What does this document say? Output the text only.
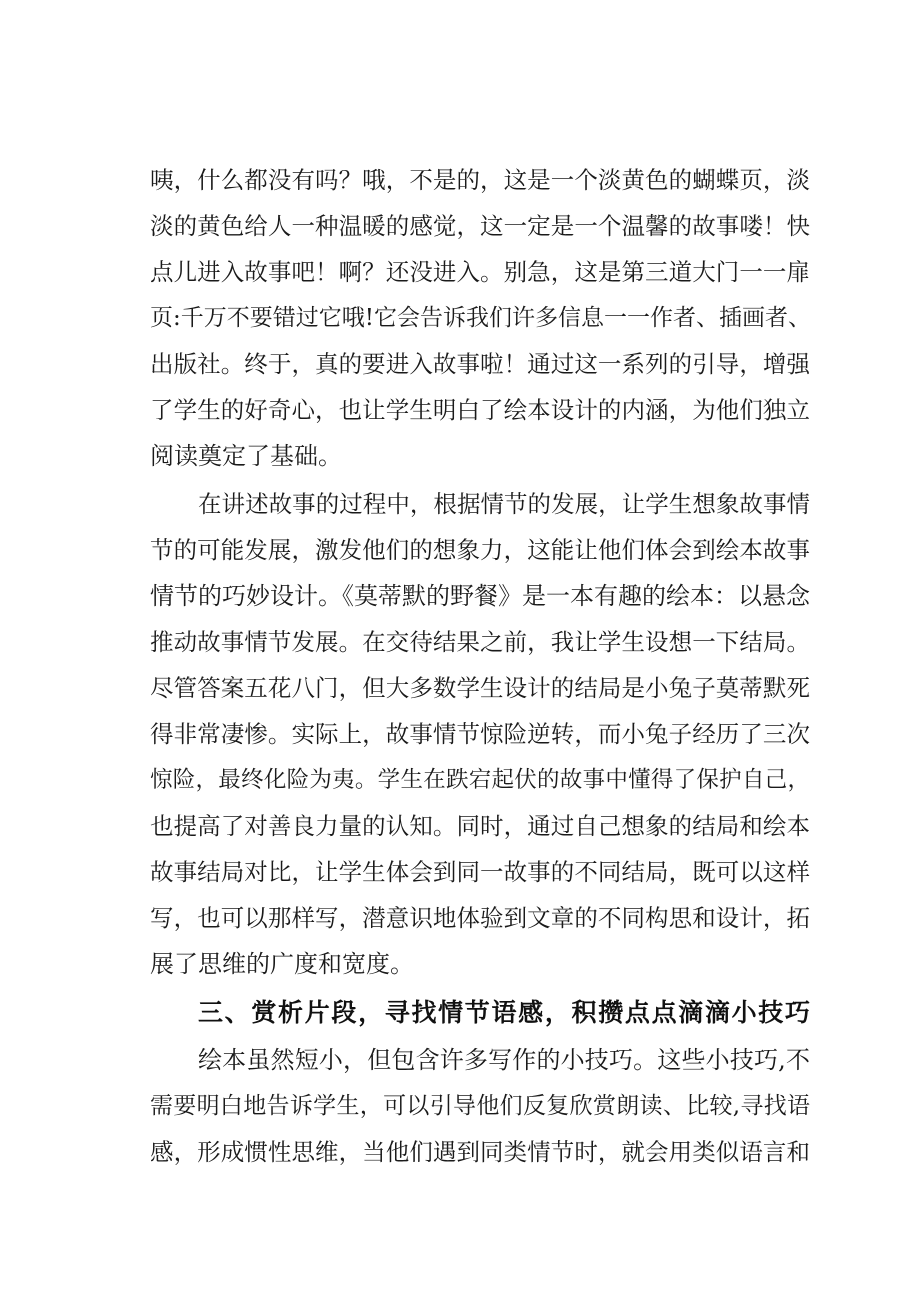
咦，什么都没有吗？哦，不是的，这是一个淡黄色的蝴蝶页，淡
淡的黄色给人一种温暖的感觉，这一定是一个温馨的故事喽！快
点儿进入故事吧！啊？还没进入。别急，这是第三道大门一一扉
页:千万不要错过它哦!它会告诉我们许多信息一一作者、插画者、
出版社。终于，真的要进入故事啦！通过这一系列的引导，增强
了学生的好奇心，也让学生明白了绘本设计的内涵，为他们独立
阅读奠定了基础。
在讲述故事的过程中，根据情节的发展，让学生想象故事情
节的可能发展，激发他们的想象力，这能让他们体会到绘本故事
情节的巧妙设计。《莫蒂默的野餐》是一本有趣的绘本：以悬念
推动故事情节发展。在交待结果之前，我让学生设想一下结局。
尽管答案五花八门，但大多数学生设计的结局是小兔子莫蒂默死
得非常凄惨。实际上，故事情节惊险逆转，而小兔子经历了三次
惊险，最终化险为夷。学生在跌宕起伏的故事中懂得了保护自己，
也提高了对善良力量的认知。同时，通过自己想象的结局和绘本
故事结局对比，让学生体会到同一故事的不同结局，既可以这样
写，也可以那样写，潜意识地体验到文章的不同构思和设计，拓
展了思维的广度和宽度。
三、赏析片段，寻找情节语感，积攒点点滴滴小技巧
绘本虽然短小，但包含许多写作的小技巧。这些小技巧,不
需要明白地告诉学生，可以引导他们反复欣赏朗读、比较,寻找语
感，形成惯性思维，当他们遇到同类情节时，就会用类似语言和
